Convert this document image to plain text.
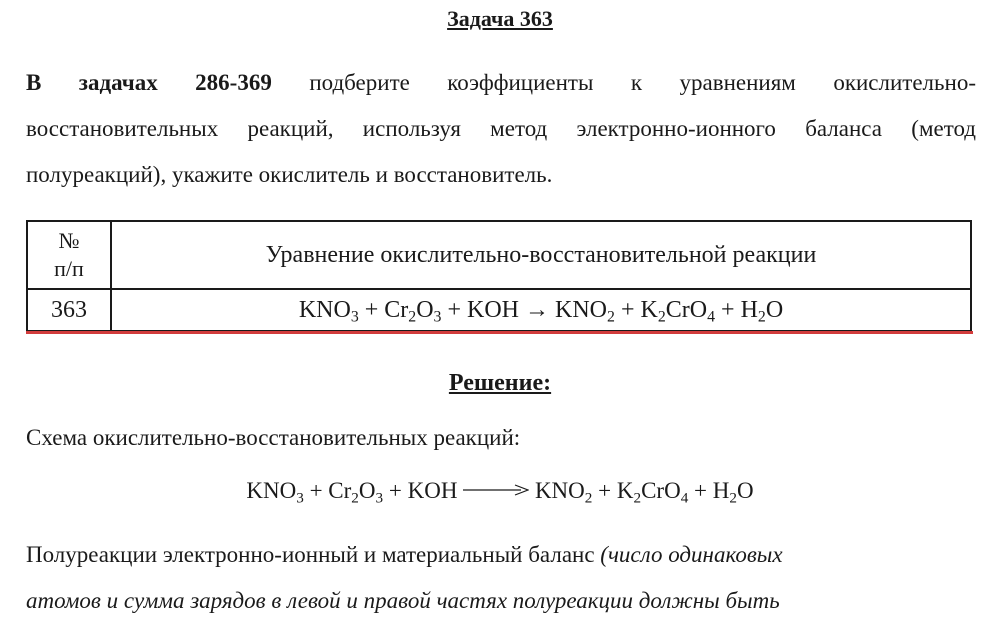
Задача 363
В задачах 286-369 подберите коэффициенты к уравнениям окислительно-
восстановительных реакций, используя метод электронно-ионного баланса (метод
полуреакций), укажите окислитель и восстановитель.
№
п/п	Уравнение окислительно-восстановительной реакции
363	$KNO_3 + Cr_2O_3$ + KOH → $KNO_2 + K_2CrO_4 + H_2O$
Решение:
Схема окислительно-восстановительных реакций:
$KNO_3 + Cr_2O_3$ + KOH	$KNO_2 + K_2CrO_4 + H_2O$
Полуреакции электронно-ионный и материальный баланс (число одинаковых
атомов и сумма зарядов в левой и правой частях полуреакции должны быть
